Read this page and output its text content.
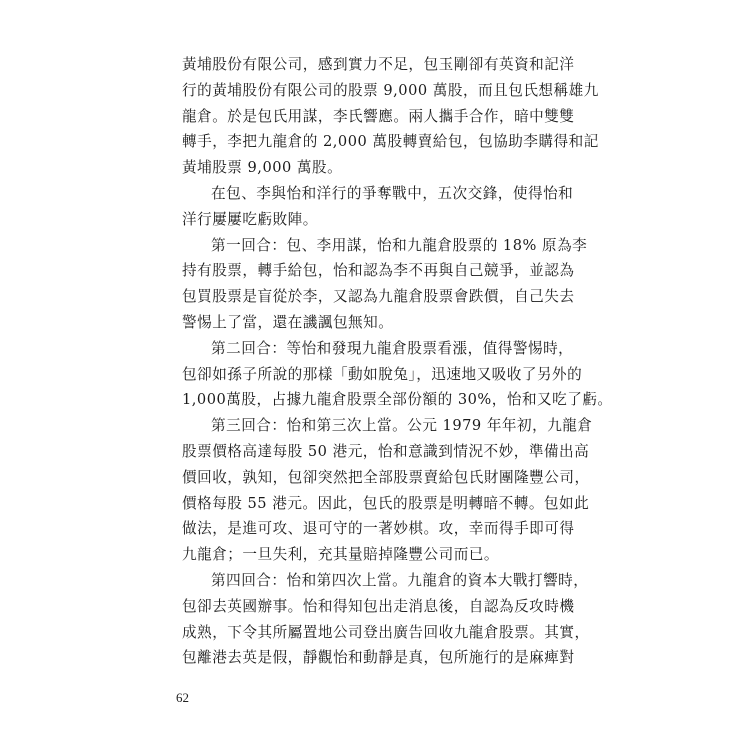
黃埔股份有限公司，感到實力不足，包玉剛卻有英資和記洋
行的黃埔股份有限公司的股票 9,000 萬股，而且包氏想稱雄九
龍倉。於是包氏用謀，李氏響應。兩人攜手合作，暗中雙雙
轉手，李把九龍倉的 2,000 萬股轉賣給包，包協助李購得和記
黃埔股票 9,000 萬股。
在包、李與怡和洋行的爭奪戰中，五次交鋒，使得怡和
洋行屢屢吃虧敗陣。
第一回合：包、李用謀，怡和九龍倉股票的 18% 原為李
持有股票，轉手給包，怡和認為李不再與自己競爭，並認為
包買股票是盲從於李，又認為九龍倉股票會跌價，自己失去
警惕上了當，還在譏諷包無知。
第二回合：等怡和發現九龍倉股票看漲，值得警惕時，
包卻如孫子所說的那樣「動如脫兔」，迅速地又吸收了另外的
1,000萬股，占據九龍倉股票全部份額的 30%，怡和又吃了虧。
第三回合：怡和第三次上當。公元 1979 年年初，九龍倉
股票價格高達每股 50 港元，怡和意識到情況不妙，準備出高
價回收，孰知，包卻突然把全部股票賣給包氏財團隆豐公司，
價格每股 55 港元。因此，包氏的股票是明轉暗不轉。包如此
做法，是進可攻、退可守的一著妙棋。攻，幸而得手即可得
九龍倉；一旦失利，充其量賠掉隆豐公司而已。
第四回合：怡和第四次上當。九龍倉的資本大戰打響時，
包卻去英國辦事。怡和得知包出走消息後，自認為反攻時機
成熟，下令其所屬置地公司登出廣告回收九龍倉股票。其實，
包離港去英是假，靜觀怡和動靜是真，包所施行的是麻痺對
62
